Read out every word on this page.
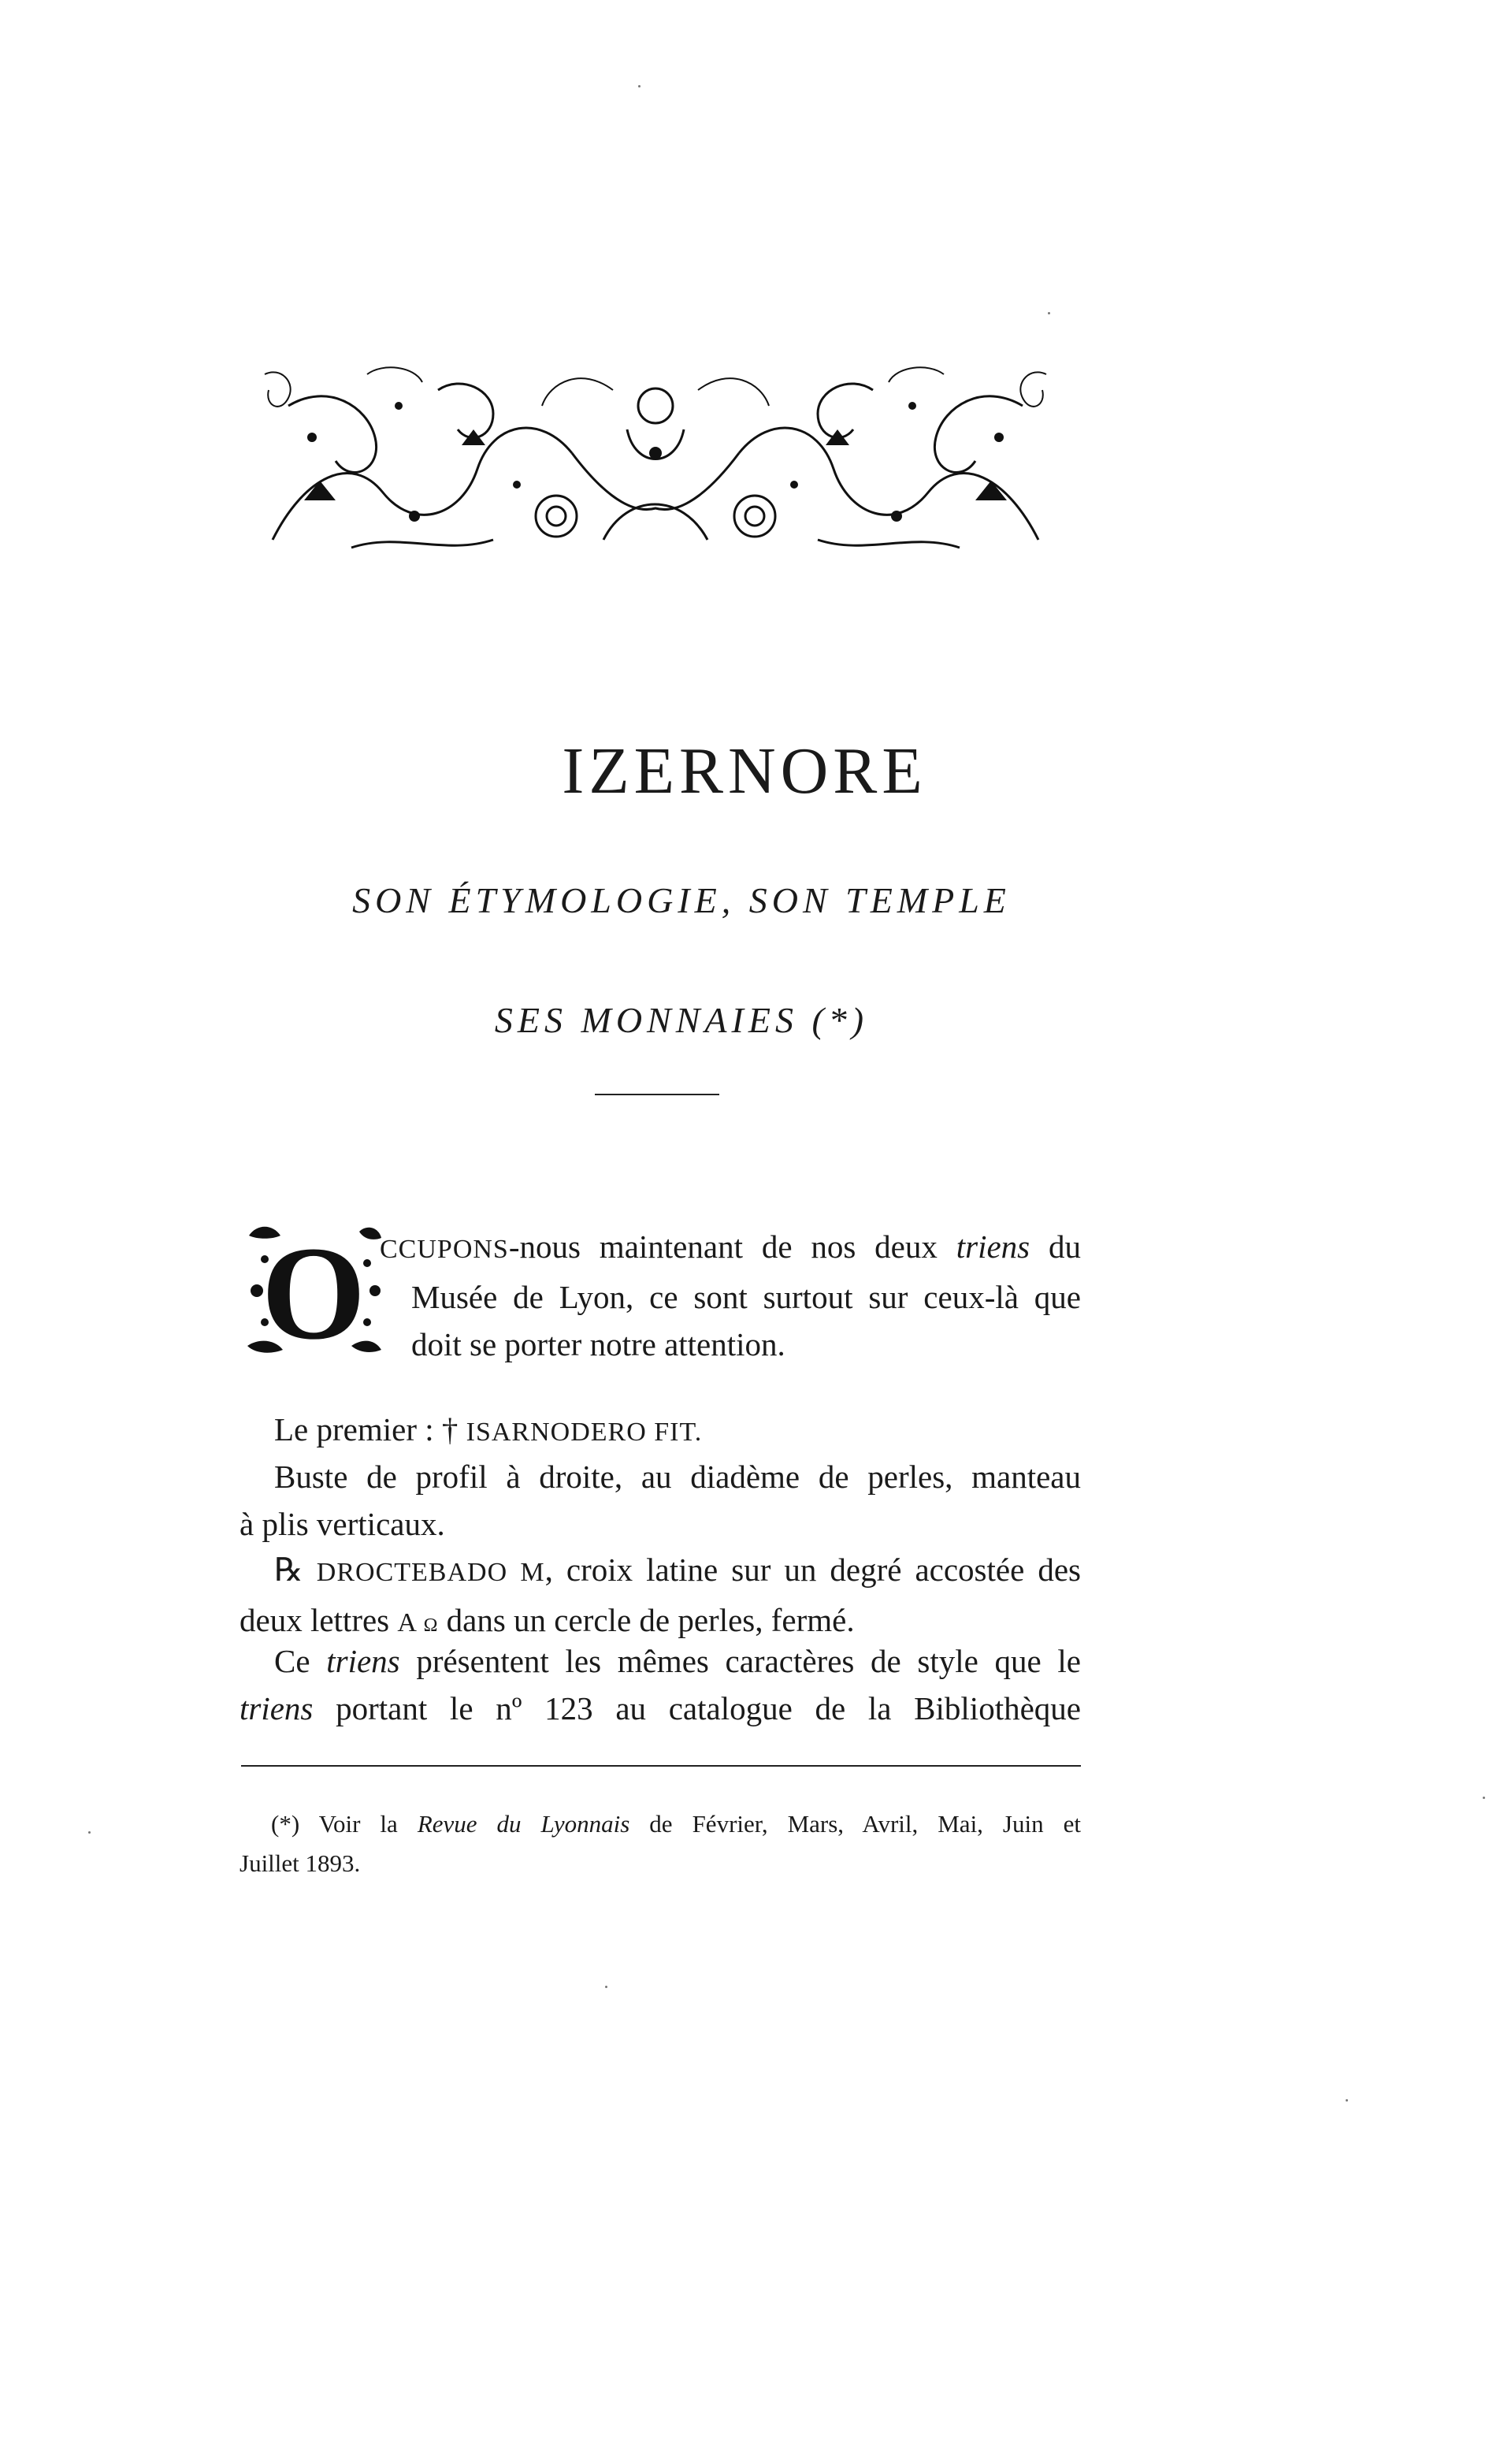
IZERNORE
SON ÉTYMOLOGIE, SON TEMPLE
SES MONNAIES (*)
O CCUPONS-nous maintenant de nos deux triens du
Musée de Lyon, ce sont surtout sur ceux-là que
doit se porter notre attention.
Le premier : † ISARNODERO FIT.
Buste de profil à droite, au diadème de perles, manteau
à plis verticaux.
℞ DROCTEBADO M, croix latine sur un degré accostée des
deux lettres A ω dans un cercle de perles, fermé.
Ce triens présentent les mêmes caractères de style que le
triens portant le nº 123 au catalogue de la Bibliothèque
(*) Voir la Revue du Lyonnais de Février, Mars, Avril, Mai, Juin et
Juillet 1893.
